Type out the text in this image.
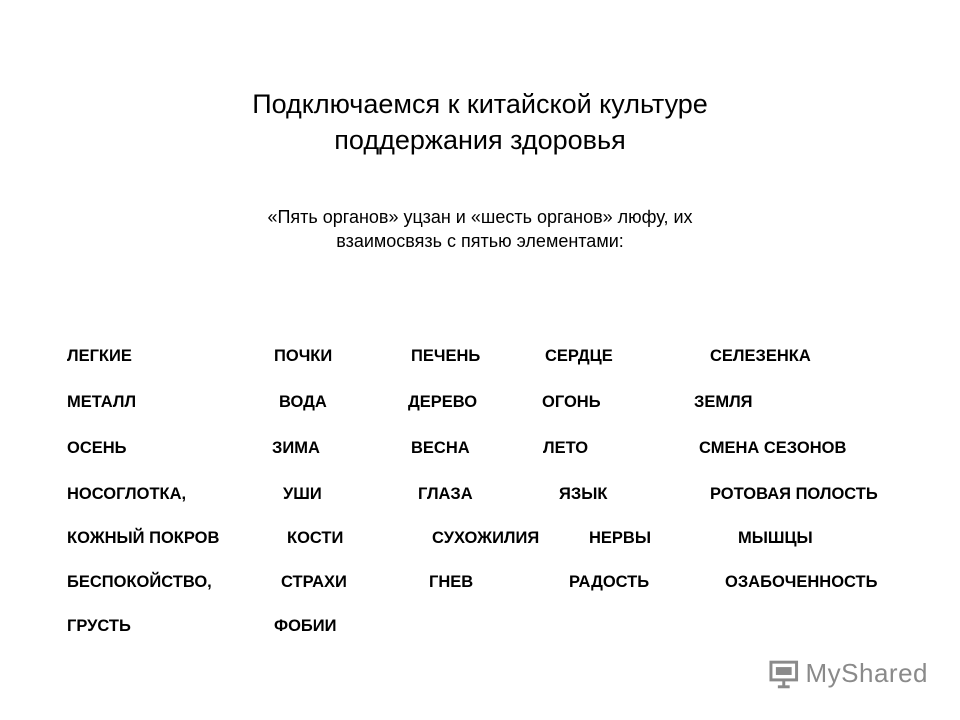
Подключаемся к китайской культуре
поддержания здоровья
«Пять органов» уцзан и «шесть органов» люфу, их
взаимосвязь с пятью элементами:
ЛЕГКИЕ	ПОЧКИ	ПЕЧЕНЬ	СЕРДЦЕ	СЕЛЕЗЕНКА
МЕТАЛЛ	ВОДА	ДЕРЕВО	ОГОНЬ	ЗЕМЛЯ
ОСЕНЬ	ЗИМА	ВЕСНА	ЛЕТО	СМЕНА СЕЗОНОВ
НОСОГЛОТКА,	УШИ	ГЛАЗА	ЯЗЫК	РОТОВАЯ ПОЛОСТЬ
КОЖНЫЙ ПОКРОВ	КОСТИ	СУХОЖИЛИЯ	НЕРВЫ	МЫШЦЫ
БЕСПОКОЙСТВО,	СТРАХИ	ГНЕВ	РАДОСТЬ	ОЗАБОЧЕННОСТЬ
ГРУСТЬ	ФОБИИ
MyShared
